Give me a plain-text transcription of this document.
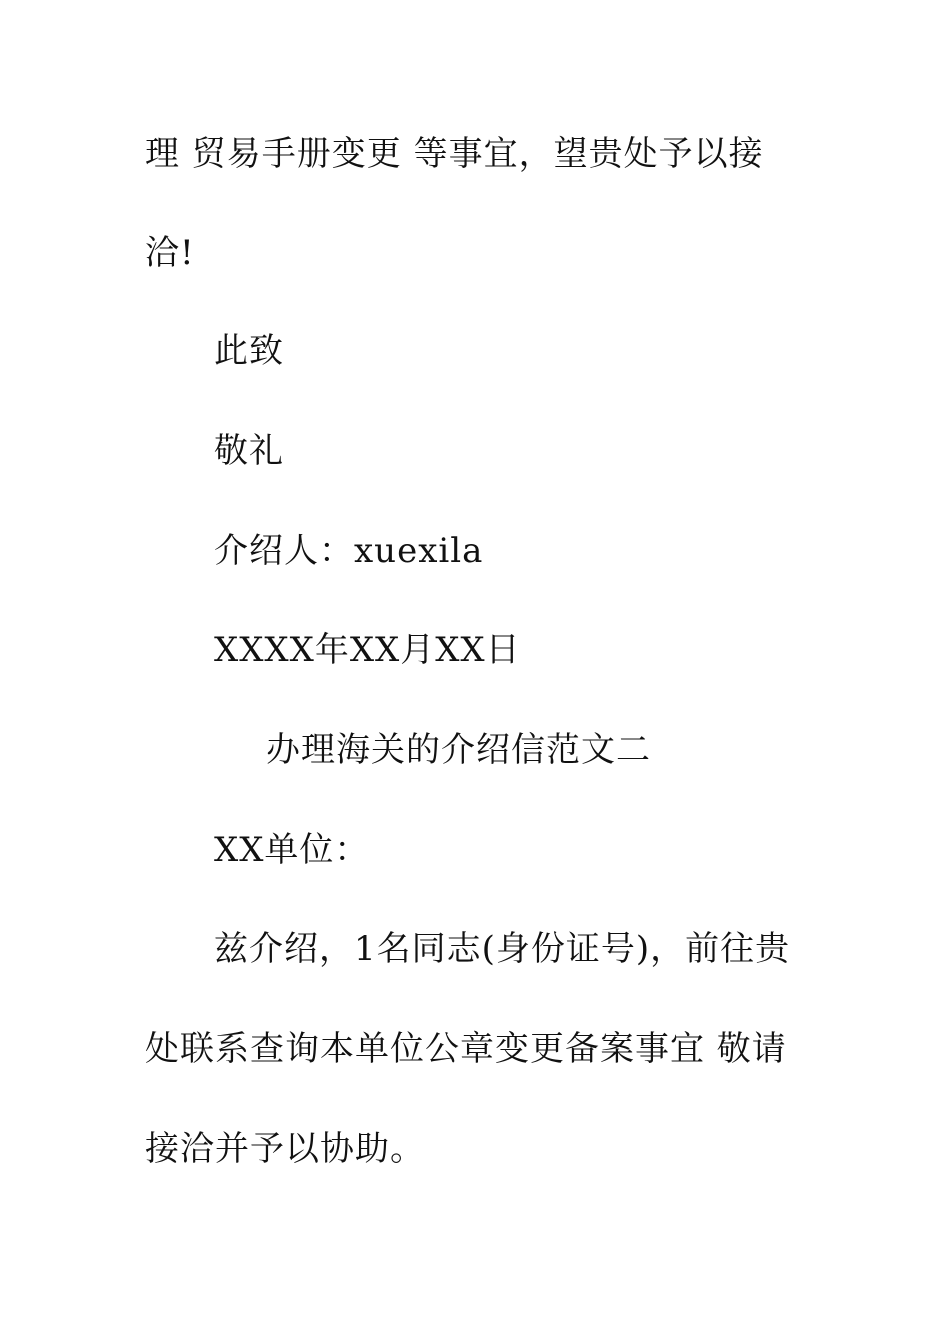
理 贸易手册变更 等事宜，望贵处予以接
洽!
此致
敬礼
介绍人：xuexila
XXXX年XX月XX日
办理海关的介绍信范文二
XX单位：
兹介绍，1名同志(身份证号)，前往贵
处联系查询本单位公章变更备案事宜 敬请
接洽并予以协助。
